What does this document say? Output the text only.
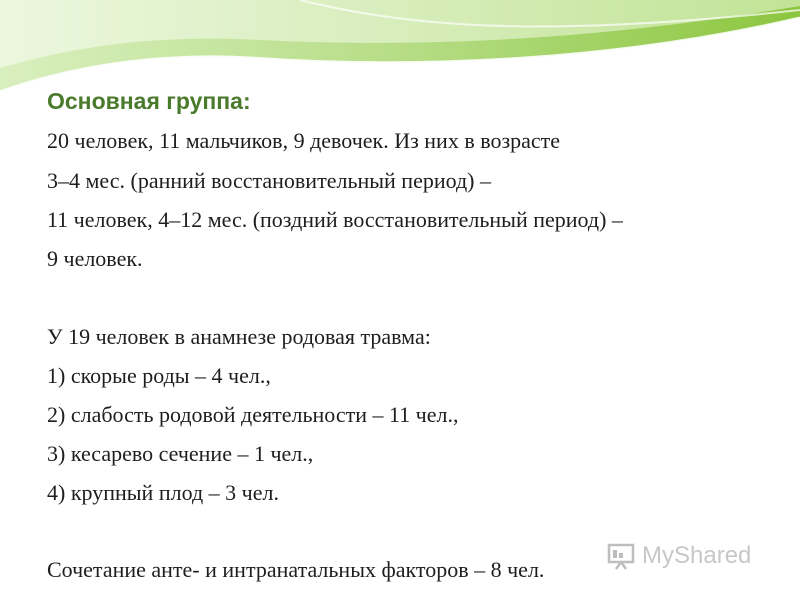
Основная группа:
20 человек, 11 мальчиков, 9 девочек. Из них в возрасте
3–4 мес. (ранний восстановительный период) –
11 человек, 4–12 мес. (поздний восстановительный период) –
9 человек.
У 19 человек в анамнезе родовая травма:
1) скорые роды – 4 чел.,
2) слабость родовой деятельности – 11 чел.,
3) кесарево сечение – 1 чел.,
4) крупный плод – 3 чел.
Сочетание анте- и интранатальных факторов – 8 чел.
MyShared
